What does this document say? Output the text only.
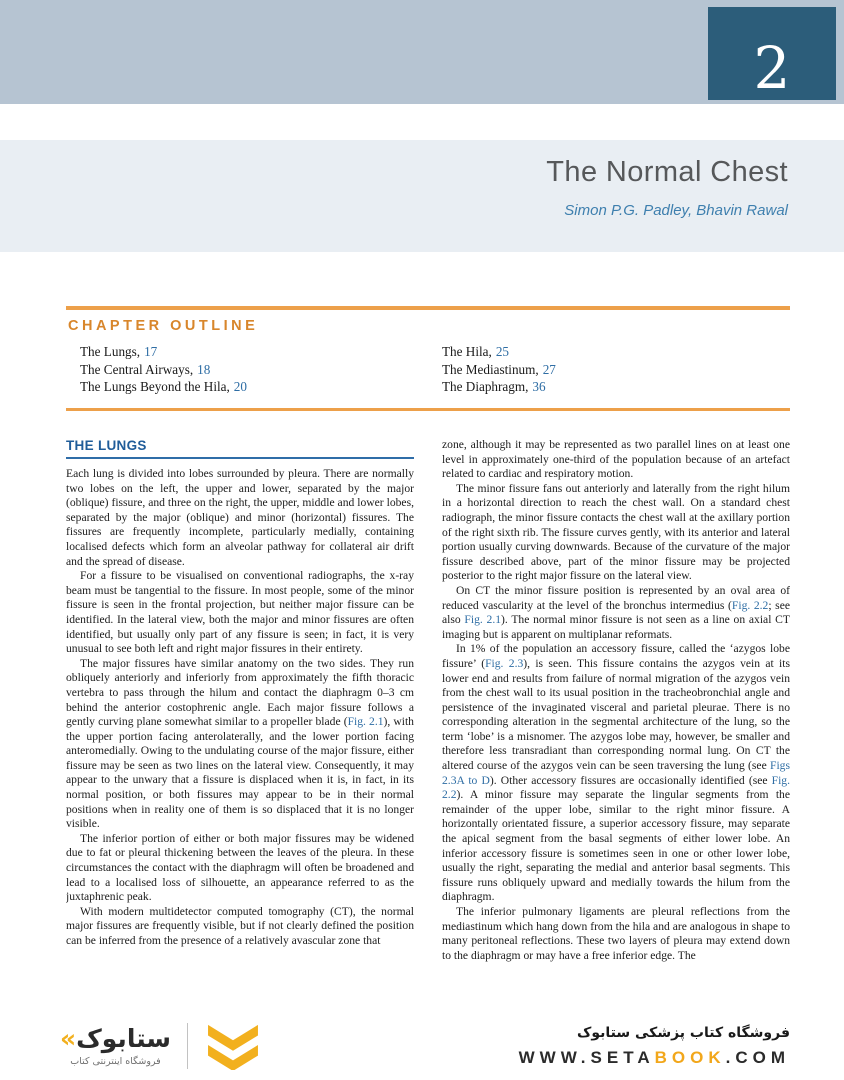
2
The Normal Chest
Simon P.G. Padley, Bhavin Rawal
CHAPTER OUTLINE
The Lungs, 17
The Central Airways, 18
The Lungs Beyond the Hila, 20
The Hila, 25
The Mediastinum, 27
The Diaphragm, 36
THE LUNGS

Each lung is divided into lobes surrounded by pleura. There are normally two lobes on the left, the upper and lower, separated by the major (oblique) fissure, and three on the right, the upper, middle and lower lobes, separated by the major (oblique) and minor (horizontal) fissures. The fissures are frequently incomplete, particularly medially, containing localised defects which form an alveolar pathway for collateral air drift and the spread of disease.

For a fissure to be visualised on conventional radiographs, the x-ray beam must be tangential to the fissure. In most people, some of the minor fissure is seen in the frontal projection, but neither major fissure can be identified. In the lateral view, both the major and minor fissures are often identified, but usually only part of any fissure is seen; in fact, it is very unusual to see both left and right major fissures in their entirety.

The major fissures have similar anatomy on the two sides. They run obliquely anteriorly and inferiorly from approximately the fifth thoracic vertebra to pass through the hilum and contact the diaphragm 0–3 cm behind the anterior costophrenic angle. Each major fissure follows a gently curving plane somewhat similar to a propeller blade (Fig. 2.1), with the upper portion facing anterolaterally, and the lower portion facing anteromedially. Owing to the undulating course of the major fissure, either fissure may be seen as two lines on the lateral view. Consequently, it may appear to the unwary that a fissure is displaced when it is, in fact, in its normal position, or both fissures may appear to be in their normal positions when in reality one of them is so displaced that it is no longer visible.

The inferior portion of either or both major fissures may be widened due to fat or pleural thickening between the leaves of the pleura. In these circumstances the contact with the diaphragm will often be broadened and lead to a localised loss of silhouette, an appearance referred to as the juxtaphrenic peak.

With modern multidetector computed tomography (CT), the normal major fissures are frequently visible, but if not clearly defined the position can be inferred from the presence of a relatively avascular zone that

zone, although it may be represented as two parallel lines on at least one level in approximately one-third of the population because of an artefact related to cardiac and respiratory motion.

The minor fissure fans out anteriorly and laterally from the right hilum in a horizontal direction to reach the chest wall. On a standard chest radiograph, the minor fissure contacts the chest wall at the axillary portion of the right sixth rib. The fissure curves gently, with its anterior and lateral portion usually curving downwards. Because of the curvature of the major fissure described above, part of the minor fissure may be projected posterior to the right major fissure on the lateral view.

On CT the minor fissure position is represented by an oval area of reduced vascularity at the level of the bronchus intermedius (Fig. 2.2; see also Fig. 2.1). The normal minor fissure is not seen as a line on axial CT imaging but is apparent on multiplanar reformats.

In 1% of the population an accessory fissure, called the ‘azygos lobe fissure’ (Fig. 2.3), is seen. This fissure contains the azygos vein at its lower end and results from failure of normal migration of the azygos vein from the chest wall to its usual position in the tracheobronchial angle and persistence of the invaginated visceral and parietal pleurae. There is no corresponding alteration in the segmental architecture of the lung, so the term ‘lobe’ is a misnomer. The azygos lobe may, however, be smaller and therefore less transradiant than corresponding normal lung. On CT the altered course of the azygos vein can be seen traversing the lung (see Figs 2.3A to D). Other accessory fissures are occasionally identified (see Fig. 2.2). A minor fissure may separate the lingular segments from the remainder of the upper lobe, similar to the right minor fissure. A horizontally orientated fissure, a superior accessory fissure, may separate the apical segment from the basal segments of either lower lobe. An inferior accessory fissure is sometimes seen in one or other lower lobe, usually the right, separating the medial and anterior basal segments. This fissure runs obliquely upward and medially towards the hilum from the diaphragm.

The inferior pulmonary ligaments are pleural reflections from the mediastinum which hang down from the hila and are analogous in shape to many peritoneal reflections. These two layers of pleura may extend down to the diaphragm or may have a free inferior edge. The

«ستابوک
فروشگاه اینترنتی کتاب
فروشگاه کتاب پزشکی ستابوک
WWW.SETABOOK.COM
